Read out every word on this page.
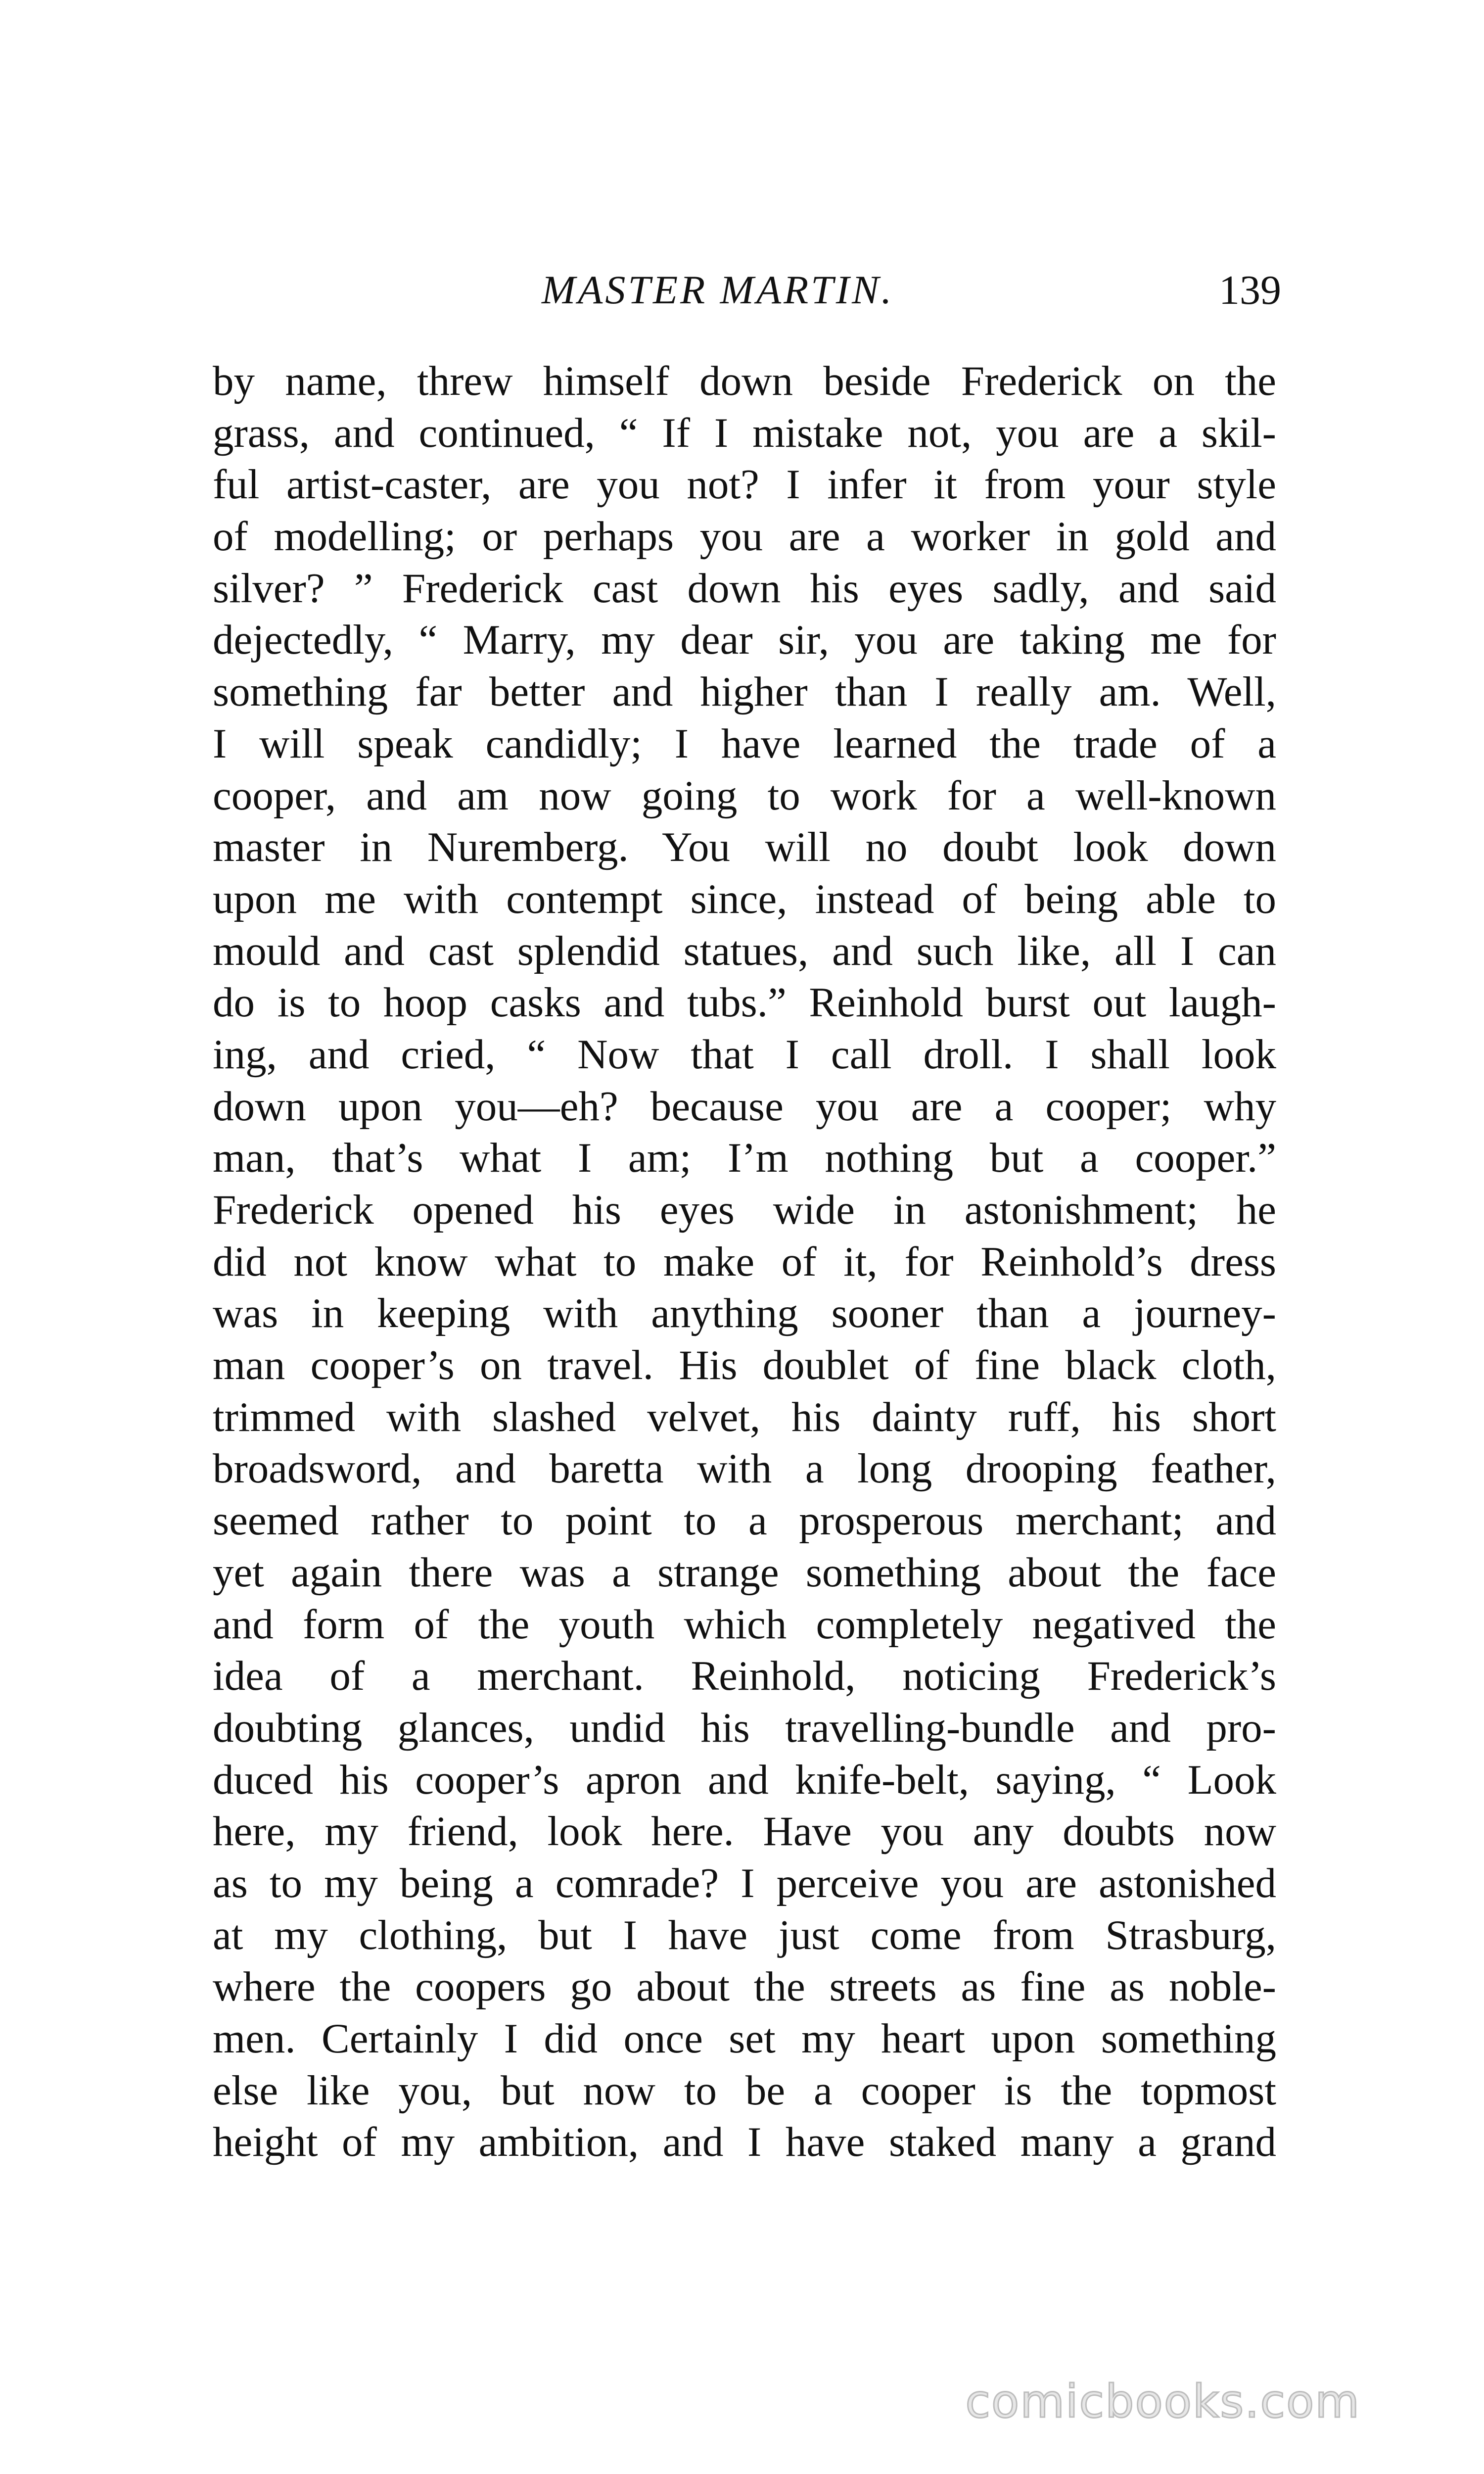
MASTER MARTIN.	139
by name, threw himself down beside Frederick on the
grass, and continued, “ If I mistake not, you are a skil-
ful artist-caster, are you not? I infer it from your style
of modelling; or perhaps you are a worker in gold and
silver? ” Frederick cast down his eyes sadly, and said
dejectedly, “ Marry, my dear sir, you are taking me for
something far better and higher than I really am. Well,
I will speak candidly; I have learned the trade of a
cooper, and am now going to work for a well-known
master in Nuremberg. You will no doubt look down
upon me with contempt since, instead of being able to
mould and cast splendid statues, and such like, all I can
do is to hoop casks and tubs.” Reinhold burst out laugh-
ing, and cried, “ Now that I call droll. I shall look
down upon you—eh? because you are a cooper; why
man, that’s what I am; I’m nothing but a cooper.”
Frederick opened his eyes wide in astonishment; he
did not know what to make of it, for Reinhold’s dress
was in keeping with anything sooner than a journey-
man cooper’s on travel. His doublet of fine black cloth,
trimmed with slashed velvet, his dainty ruff, his short
broadsword, and baretta with a long drooping feather,
seemed rather to point to a prosperous merchant; and
yet again there was a strange something about the face
and form of the youth which completely negatived the
idea of a merchant. Reinhold, noticing Frederick’s
doubting glances, undid his travelling-bundle and pro-
duced his cooper’s apron and knife-belt, saying, “ Look
here, my friend, look here. Have you any doubts now
as to my being a comrade? I perceive you are astonished
at my clothing, but I have just come from Strasburg,
where the coopers go about the streets as fine as noble-
men. Certainly I did once set my heart upon something
else like you, but now to be a cooper is the topmost
height of my ambition, and I have staked many a grand
comicbooks.com
